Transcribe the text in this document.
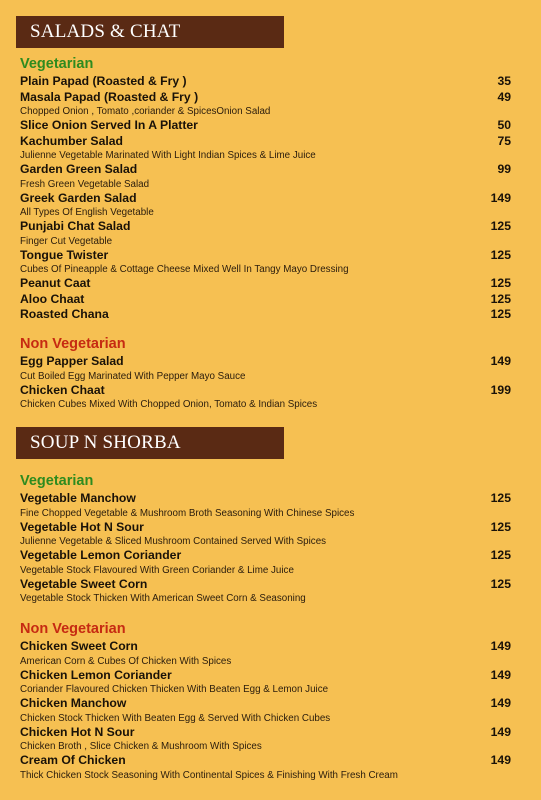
SALADS & CHAT
Vegetarian
Plain Papad (Roasted & Fry )	35
Masala Papad (Roasted & Fry )	49
Chopped Onion , Tomato ,coriander & SpicesOnion Salad
Slice Onion Served In A Platter	50
Kachumber Salad	75
Julienne Vegetable Marinated With Light Indian Spices & Lime Juice
Garden Green Salad	99
Fresh Green Vegetable Salad
Greek Garden Salad	149
All Types Of English Vegetable
Punjabi Chat Salad	125
Finger Cut Vegetable
Tongue Twister	125
Cubes Of Pineapple & Cottage Cheese Mixed Well In Tangy Mayo Dressing
Peanut Caat	125
Aloo Chaat	125
Roasted Chana	125
Non Vegetarian
Egg Papper Salad	149
Cut Boiled Egg Marinated With Pepper Mayo Sauce
Chicken Chaat	199
Chicken Cubes Mixed With Chopped Onion, Tomato & Indian Spices
SOUP N SHORBA
Vegetarian
Vegetable Manchow	125
Fine Chopped Vegetable & Mushroom Broth Seasoning With Chinese Spices
Vegetable Hot N Sour	125
Julienne Vegetable & Sliced Mushroom Contained Served With Spices
Vegetable Lemon Coriander	125
Vegetable Stock Flavoured With Green Coriander & Lime Juice
Vegetable Sweet Corn	125
Vegetable Stock Thicken With American Sweet Corn & Seasoning
Non Vegetarian
Chicken Sweet Corn	149
American Corn & Cubes Of Chicken With Spices
Chicken Lemon Coriander	149
Coriander Flavoured Chicken Thicken With Beaten Egg & Lemon Juice
Chicken Manchow	149
Chicken Stock Thicken With Beaten Egg & Served With Chicken Cubes
Chicken Hot N Sour	149
Chicken Broth , Slice Chicken & Mushroom With Spices
Cream Of Chicken	149
Thick Chicken Stock Seasoning With Continental Spices & Finishing With Fresh Cream
